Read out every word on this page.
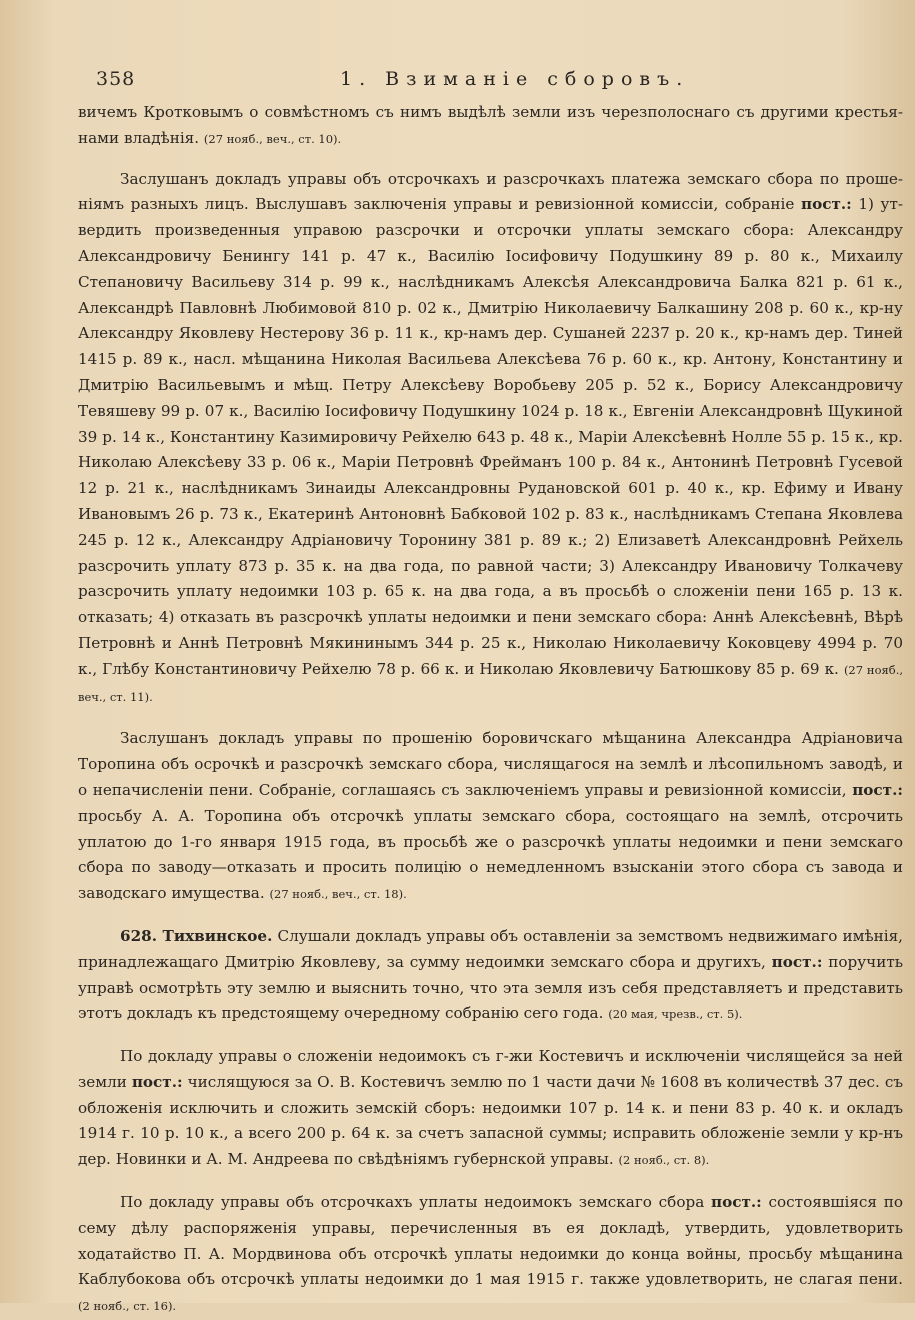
358	1. Взиманіе сборовъ.

вичемъ Кротковымъ о совмѣстномъ съ нимъ выдѣлѣ земли изъ черезполоснаго съ другими крестьянами владѣнія. (27 нояб., веч., ст. 10).

Заслушанъ докладъ управы объ отсрочкахъ и разсрочкахъ платежа земскаго сбора по прошеніямъ разныхъ лицъ. Выслушавъ заключенія управы и ревизіонной комиссіи, собраніе пост.: 1) утвердить произведенныя управою разсрочки и отсрочки уплаты земскаго сбора: Александру Александровичу Бенингу 141 р. 47 к., Василію Іосифовичу Подушкину 89 р. 80 к., Михаилу Степановичу Васильеву 314 р. 99 к., наслѣдникамъ Алексѣя Александровича Балка 821 р. 61 к., Александрѣ Павловнѣ Любимовой 810 р. 02 к., Дмитрію Николаевичу Балкашину 208 р. 60 к., кр-ну Александру Яковлеву Нестерову 36 р. 11 к., кр-намъ дер. Сушаней 2237 р. 20 к., кр-намъ дер. Тиней 1415 р. 89 к., насл. мѣщанина Николая Васильева Алексѣева 76 р. 60 к., кр. Антону, Константину и Дмитрію Васильевымъ и мѣщ. Петру Алексѣеву Воробьеву 205 р. 52 к., Борису Александровичу Тевяшеву 99 р. 07 к., Василію Іосифовичу Подушкину 1024 р. 18 к., Евгеніи Александровнѣ Щукиной 39 р. 14 к., Константину Казимировичу Рейхелю 643 р. 48 к., Маріи Алексѣевнѣ Нолле 55 р. 15 к., кр. Николаю Алексѣеву 33 р. 06 к., Маріи Петровнѣ Фрейманъ 100 р. 84 к., Антонинѣ Петровнѣ Гусевой 12 р. 21 к., наслѣдникамъ Зинаиды Александровны Рудановской 601 р. 40 к., кр. Ефиму и Ивану Ивановымъ 26 р. 73 к., Екатеринѣ Антоновнѣ Бабковой 102 р. 83 к., наслѣдникамъ Степана Яковлева 245 р. 12 к., Александру Адріановичу Торонину 381 р. 89 к.; 2) Елизаветѣ Александровнѣ Рейхель разсрочить уплату 873 р. 35 к. на два года, по равной части; 3) Александру Ивановичу Толкачеву разсрочить уплату недоимки 103 р. 65 к. на два года, а въ просьбѣ о сложеніи пени 165 р. 13 к. отказать; 4) отказать въ разсрочкѣ уплаты недоимки и пени земскаго сбора: Аннѣ Алексѣевнѣ, Вѣрѣ Петровнѣ и Аннѣ Петровнѣ Мякининымъ 344 р. 25 к., Николаю Николаевичу Коковцеву 4994 р. 70 к., Глѣбу Константиновичу Рейхелю 78 р. 66 к. и Николаю Яковлевичу Батюшкову 85 р. 69 к. (27 нояб., веч., ст. 11).

Заслушанъ докладъ управы по прошенію боровичскаго мѣщанина Александра Адріановича Торопина объ осрочкѣ и разсрочкѣ земскаго сбора, числящагося на землѣ и лѣсопильномъ заводѣ, и о непачисленіи пени. Собраніе, соглашаясь съ заключеніемъ управы и ревизіонной комиссіи, пост.: просьбу А. А. Торопина объ отсрочкѣ уплаты земскаго сбора, состоящаго на землѣ, отсрочить уплатою до 1-го января 1915 года, въ просьбѣ же о разсрочкѣ уплаты недоимки и пени земскаго сбора по заводу—отказать и просить полицію о немедленномъ взысканіи этого сбора съ завода и заводскаго имущества. (27 нояб., веч., ст. 18).

628. Тихвинское. Слушали докладъ управы объ оставленіи за земствомъ недвижимаго имѣнія, принадлежащаго Дмитрію Яковлеву, за сумму недоимки земскаго сбора и другихъ, пост.: поручить управѣ осмотрѣть эту землю и выяснить точно, что эта земля изъ себя представляетъ и представить этотъ докладъ къ предстоящему очередному собранію сего года. (20 мая, чрезв., ст. 5).

По докладу управы о сложеніи недоимокъ съ г-жи Костевичъ и исключеніи числящейся за ней земли пост.: числящуюся за О. В. Костевичъ землю по 1 части дачи № 1608 въ количествѣ 37 дес. съ обложенія исключить и сложить земскій сборъ: недоимки 107 р. 14 к. и пени 83 р. 40 к. и окладъ 1914 г. 10 р. 10 к., а всего 200 р. 64 к. за счетъ запасной суммы; исправить обложеніе земли у кр-нъ дер. Новинки и А. М. Андреева по свѣдѣніямъ губернской управы. (2 нояб., ст. 8).

По докладу управы объ отсрочкахъ уплаты недоимокъ земскаго сбора пост.: состоявшіяся по сему дѣлу распоряженія управы, перечисленныя въ ея докладѣ, утвердить, удовлетворить ходатайство П. А. Мордвинова объ отсрочкѣ уплаты недоимки до конца войны, просьбу мѣщанина Каблубокова объ отсрочкѣ уплаты недоимки до 1 мая 1915 г. также удовлетворить, не слагая пени. (2 нояб., ст. 16).
